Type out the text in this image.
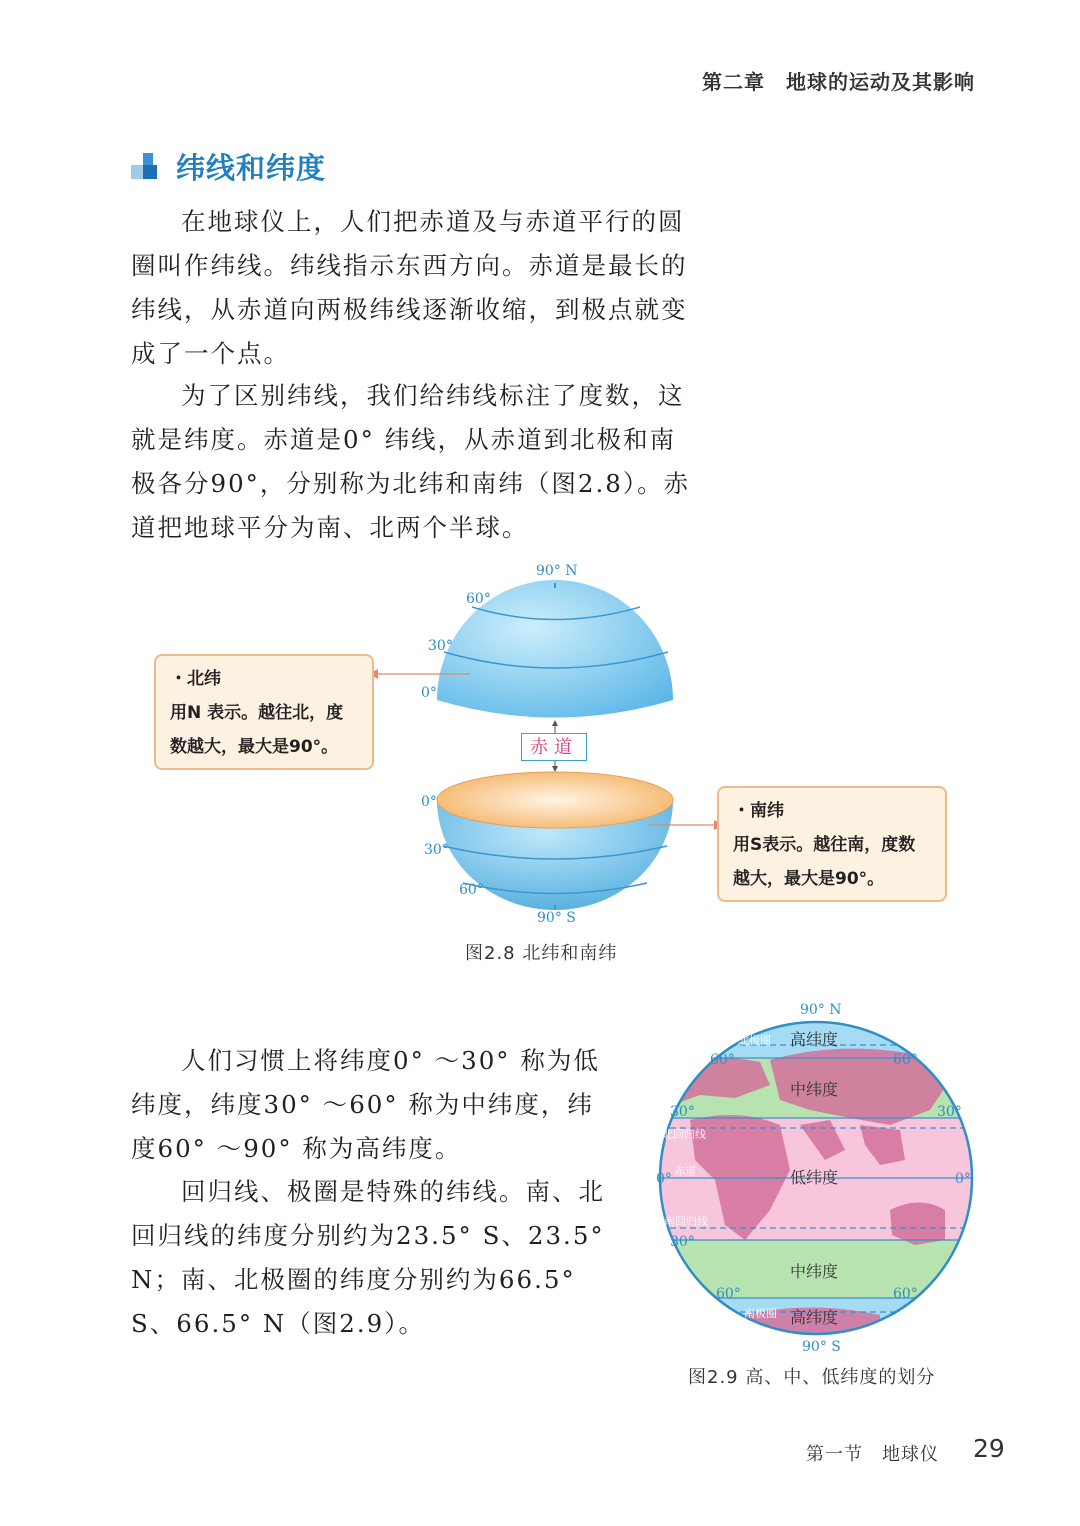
第二章　地球的运动及其影响
纬线和纬度

在地球仪上，人们把赤道及与赤道平行的圆圈叫作纬线。纬线指示东西方向。赤道是最长的纬线，从赤道向两极纬线逐渐收缩，到极点就变成了一个点。

为了区别纬线，我们给纬线标注了度数，这就是纬度。赤道是0° 纬线，从赤道到北极和南极各分90°，分别称为北纬和南纬（图2.8）。赤道把地球平分为南、北两个半球。

90° N
60°
30°
0°
0°
30°
60°
90° S
赤道
・北纬
用N 表示。越往北，度
数越大，最大是90°。
・南纬
用S表示。越往南，度数
越大，最大是90°。
图2.8 北纬和南纬

人们习惯上将纬度0° ～30° 称为低纬度，纬度30° ～60° 称为中纬度，纬度60° ～90° 称为高纬度。

回归线、极圈是特殊的纬线。南、北回归线的纬度分别约为23.5° S、23.5° N；南、北极圈的纬度分别约为66.5° S、66.5° N（图2.9）。

90° N
90° S
60°	60°
30°	30°
0°	0°
30°
60°	60°
高纬度
中纬度
低纬度
中纬度
高纬度
北极圈
北回归线
赤道
南回归线
南极圈
图2.9 高、中、低纬度的划分
第一节　地球仪 29
